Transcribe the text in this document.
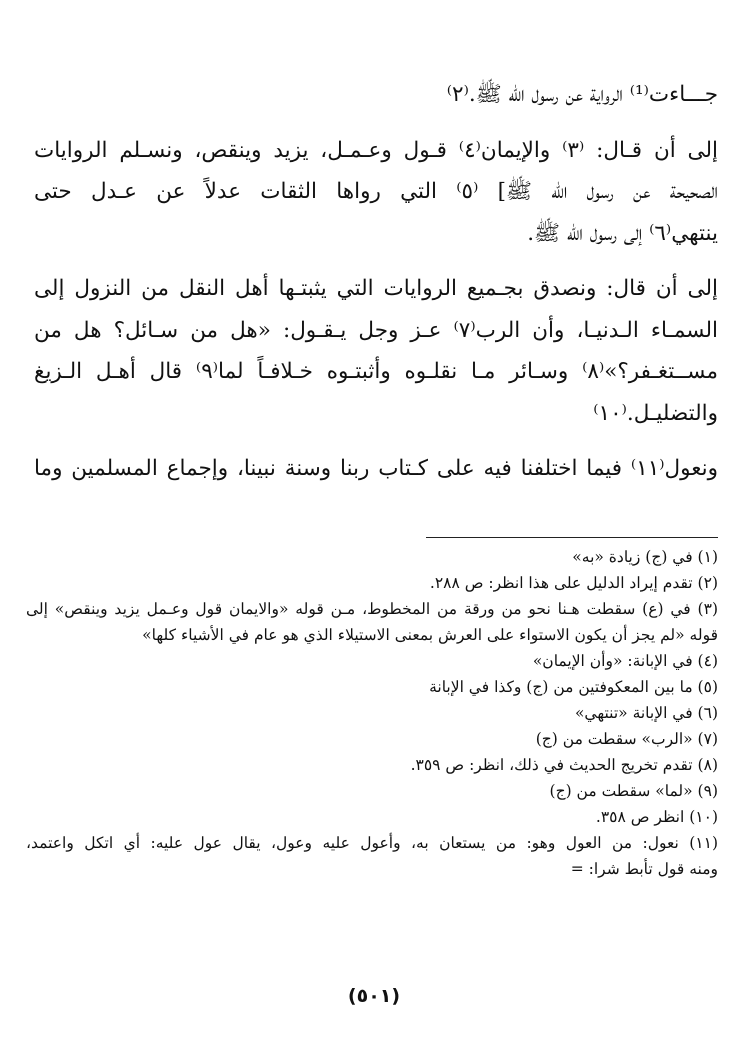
جـــاءت⁽¹⁾ الرواية عن رسول الله ﷺ.⁽٢⁾
إلى أن قـال: ⁽٣⁾ والإيمان⁽٤⁾ قـول وعـمـل، يزيد وينقص، ونسـلم الروايات
الصحيحة عن رسول الله ﷺ] ⁽٥⁾ التي رواها الثقات عدلاً عن عـدل حتى
ينتهي⁽٦⁾ إلى رسول الله ﷺ.
إلى أن قال: ونصدق بجـميع الروايات التي يثبتـها أهل النقل من النزول إلى
السمـاء الـدنيـا، وأن الرب⁽٧⁾ عـز وجل يـقـول: «هل من سـائل؟ هل من
مســتغـفر؟»⁽٨⁾ وسـائر مـا نقلـوه وأثبتـوه خـلافـاً لما⁽٩⁾ قال أهـل الـزيغ
والتضليـل.⁽١٠⁾
ونعول⁽١١⁾ فيما اختلفنا فيه على كـتاب ربنا وسنة نبينا، وإجماع المسلمين وما
(١) في (ج) زيادة «به»
(٢) تقدم إيراد الدليل على هذا انظر: ص ٢٨٨.
(٣) في (ع) سقطت هـنا نحو من ورقة من المخطوط، مـن قوله «والايمان قول وعـمل يزيد وينقص» إلى
قوله «لم يجز أن يكون الاستواء على العرش بمعنى الاستيلاء الذي هو عام في الأشياء كلها»
(٤) في الإبانة: «وأن الإيمان»
(٥) ما بين المعكوفتين من (ج) وكذا في الإبانة
(٦) في الإبانة «تنتهي»
(٧) «الرب» سقطت من (ج)
(٨) تقدم تخريج الحديث في ذلك، انظر: ص ٣٥٩.
(٩) «لما» سقطت من (ج)
(١٠) انظر ص ٣٥٨.
(١١) نعول: من العول وهو: من يستعان به، وأعول عليه وعول، يقال عول عليه: أي اتكل واعتمد،
ومنه قول تأبط شرا: =
(٥٠١)
